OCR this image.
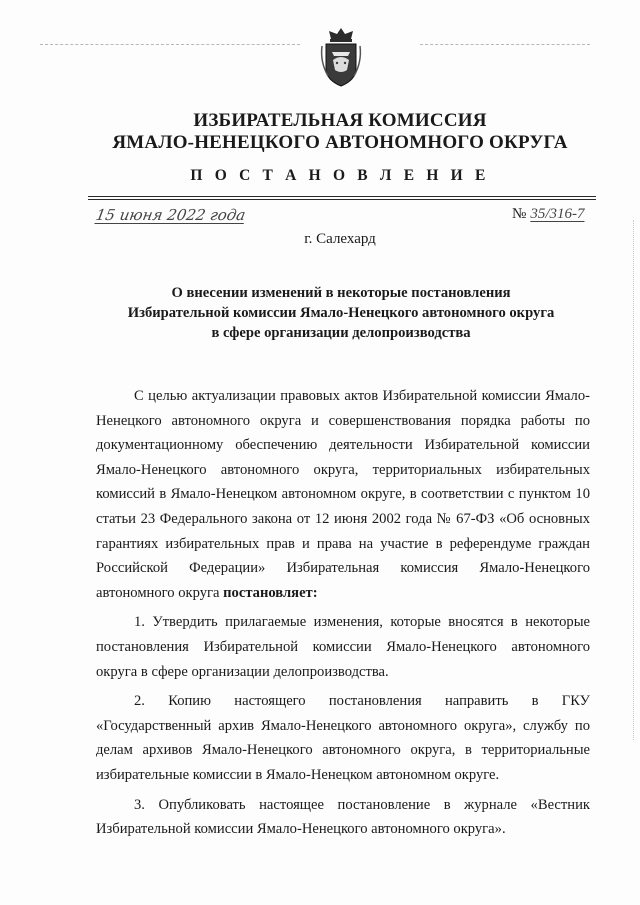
ИЗБИРАТЕЛЬНАЯ КОМИССИЯ
ЯМАЛО-НЕНЕЦКОГО АВТОНОМНОГО ОКРУГА
П О С Т А Н О В Л Е Н И Е
15 июня 2022 года	№ 35/316-7
г. Салехард
О внесении изменений в некоторые постановления
Избирательной комиссии Ямало-Ненецкого автономного округа
в сфере организации делопроизводства

С целью актуализации правовых актов Избирательной комиссии Ямало-Ненецкого автономного округа и совершенствования порядка работы по документационному обеспечению деятельности Избирательной комиссии Ямало-Ненецкого автономного округа, территориальных избирательных комиссий в Ямало-Ненецком автономном округе, в соответствии с пунктом 10 статьи 23 Федерального закона от 12 июня 2002 года № 67-ФЗ «Об основных гарантиях избирательных прав и права на участие в референдуме граждан Российской Федерации» Избирательная комиссия Ямало-Ненецкого автономного округа постановляет:

1. Утвердить прилагаемые изменения, которые вносятся в некоторые постановления Избирательной комиссии Ямало-Ненецкого автономного округа в сфере организации делопроизводства.

2. Копию настоящего постановления направить в ГКУ «Государственный архив Ямало-Ненецкого автономного округа», службу по делам архивов Ямало-Ненецкого автономного округа, в территориальные избирательные комиссии в Ямало-Ненецком автономном округе.

3. Опубликовать настоящее постановление в журнале «Вестник Избирательной комиссии Ямало-Ненецкого автономного округа».
